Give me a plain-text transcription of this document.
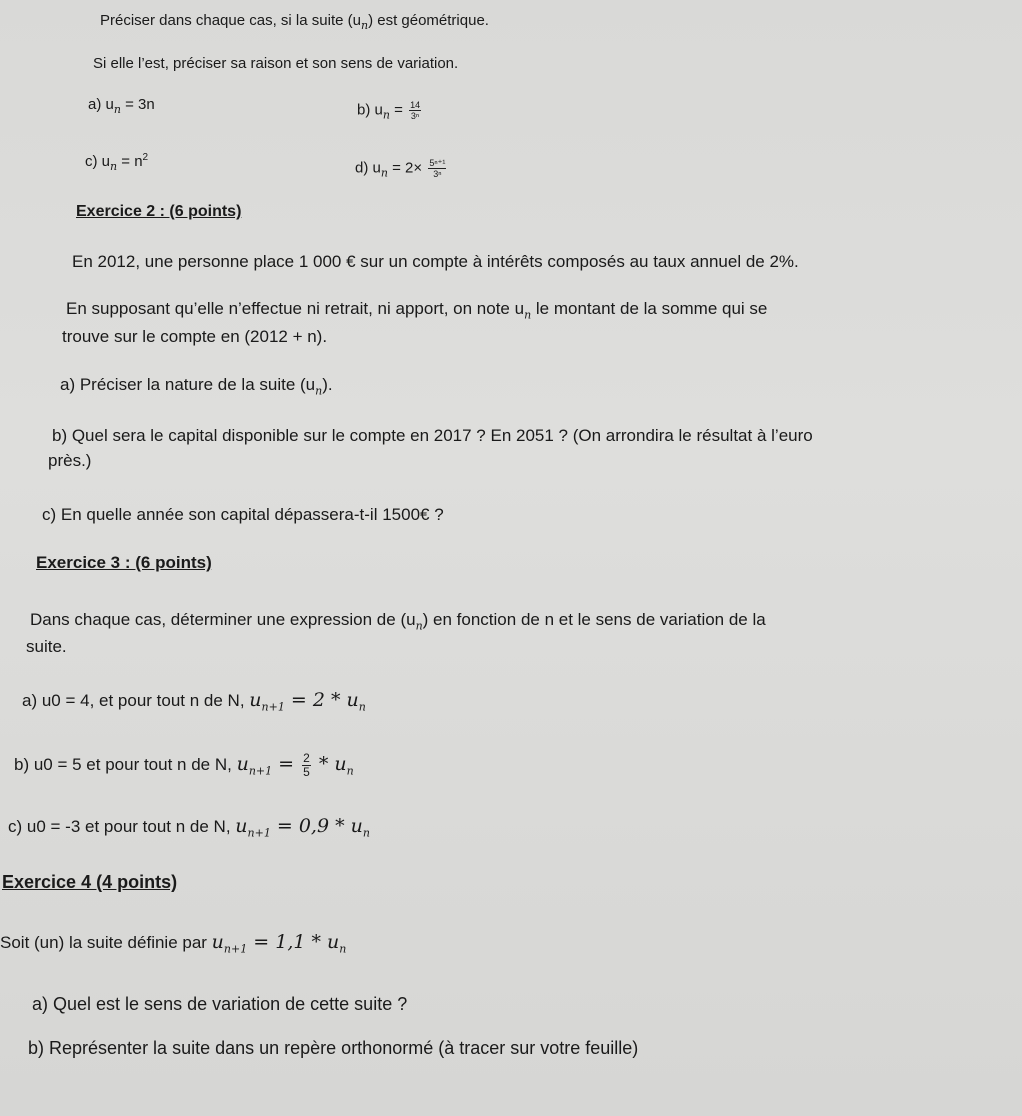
Préciser dans chaque cas, si la suite $(u_n)$ est géométrique.
Si elle l’est, préciser sa raison et son sens de variation.
a) $u_n = 3n$	b) $u_n = \frac{14}{\text{3ⁿ}}$
c) $u_n = n^2$
d) $u_n = 2\times \frac{\text{5ⁿ⁺¹}}{\text{3ⁿ}}$
Exercice 2 : (6 points)
En 2012, une personne place 1 000 € sur un compte à intérêts composés au taux annuel de 2%.
En supposant qu’elle n’effectue ni retrait, ni apport, on note $u_n$ le montant de la somme qui se
trouve sur le compte en (2012 + n).
a) Préciser la nature de la suite $(u_n)$.
b) Quel sera le capital disponible sur le compte en 2017 ? En 2051 ? (On arrondira le résultat à l’euro
près.)
c) En quelle année son capital dépassera-t-il 1500€ ?
Exercice 3 : (6 points)
Dans chaque cas, déterminer une expression de $(u_n)$ en fonction de n et le sens de variation de la
suite.
a) u0 = 4, et pour tout n de N, $u_{n+1} = 2 * u_n$
b) u0 = 5 et pour tout n de N, $u_{n+1} = \frac{2}{5} * u_n$
c) u0 = -3 et pour tout n de N, $u_{n+1} = 0,9 * u_n$
Exercice 4 (4 points)
Soit (un) la suite définie par $u_{n+1} = 1,1 * u_n$
a) Quel est le sens de variation de cette suite ?
b) Représenter la suite dans un repère orthonormé (à tracer sur votre feuille)
